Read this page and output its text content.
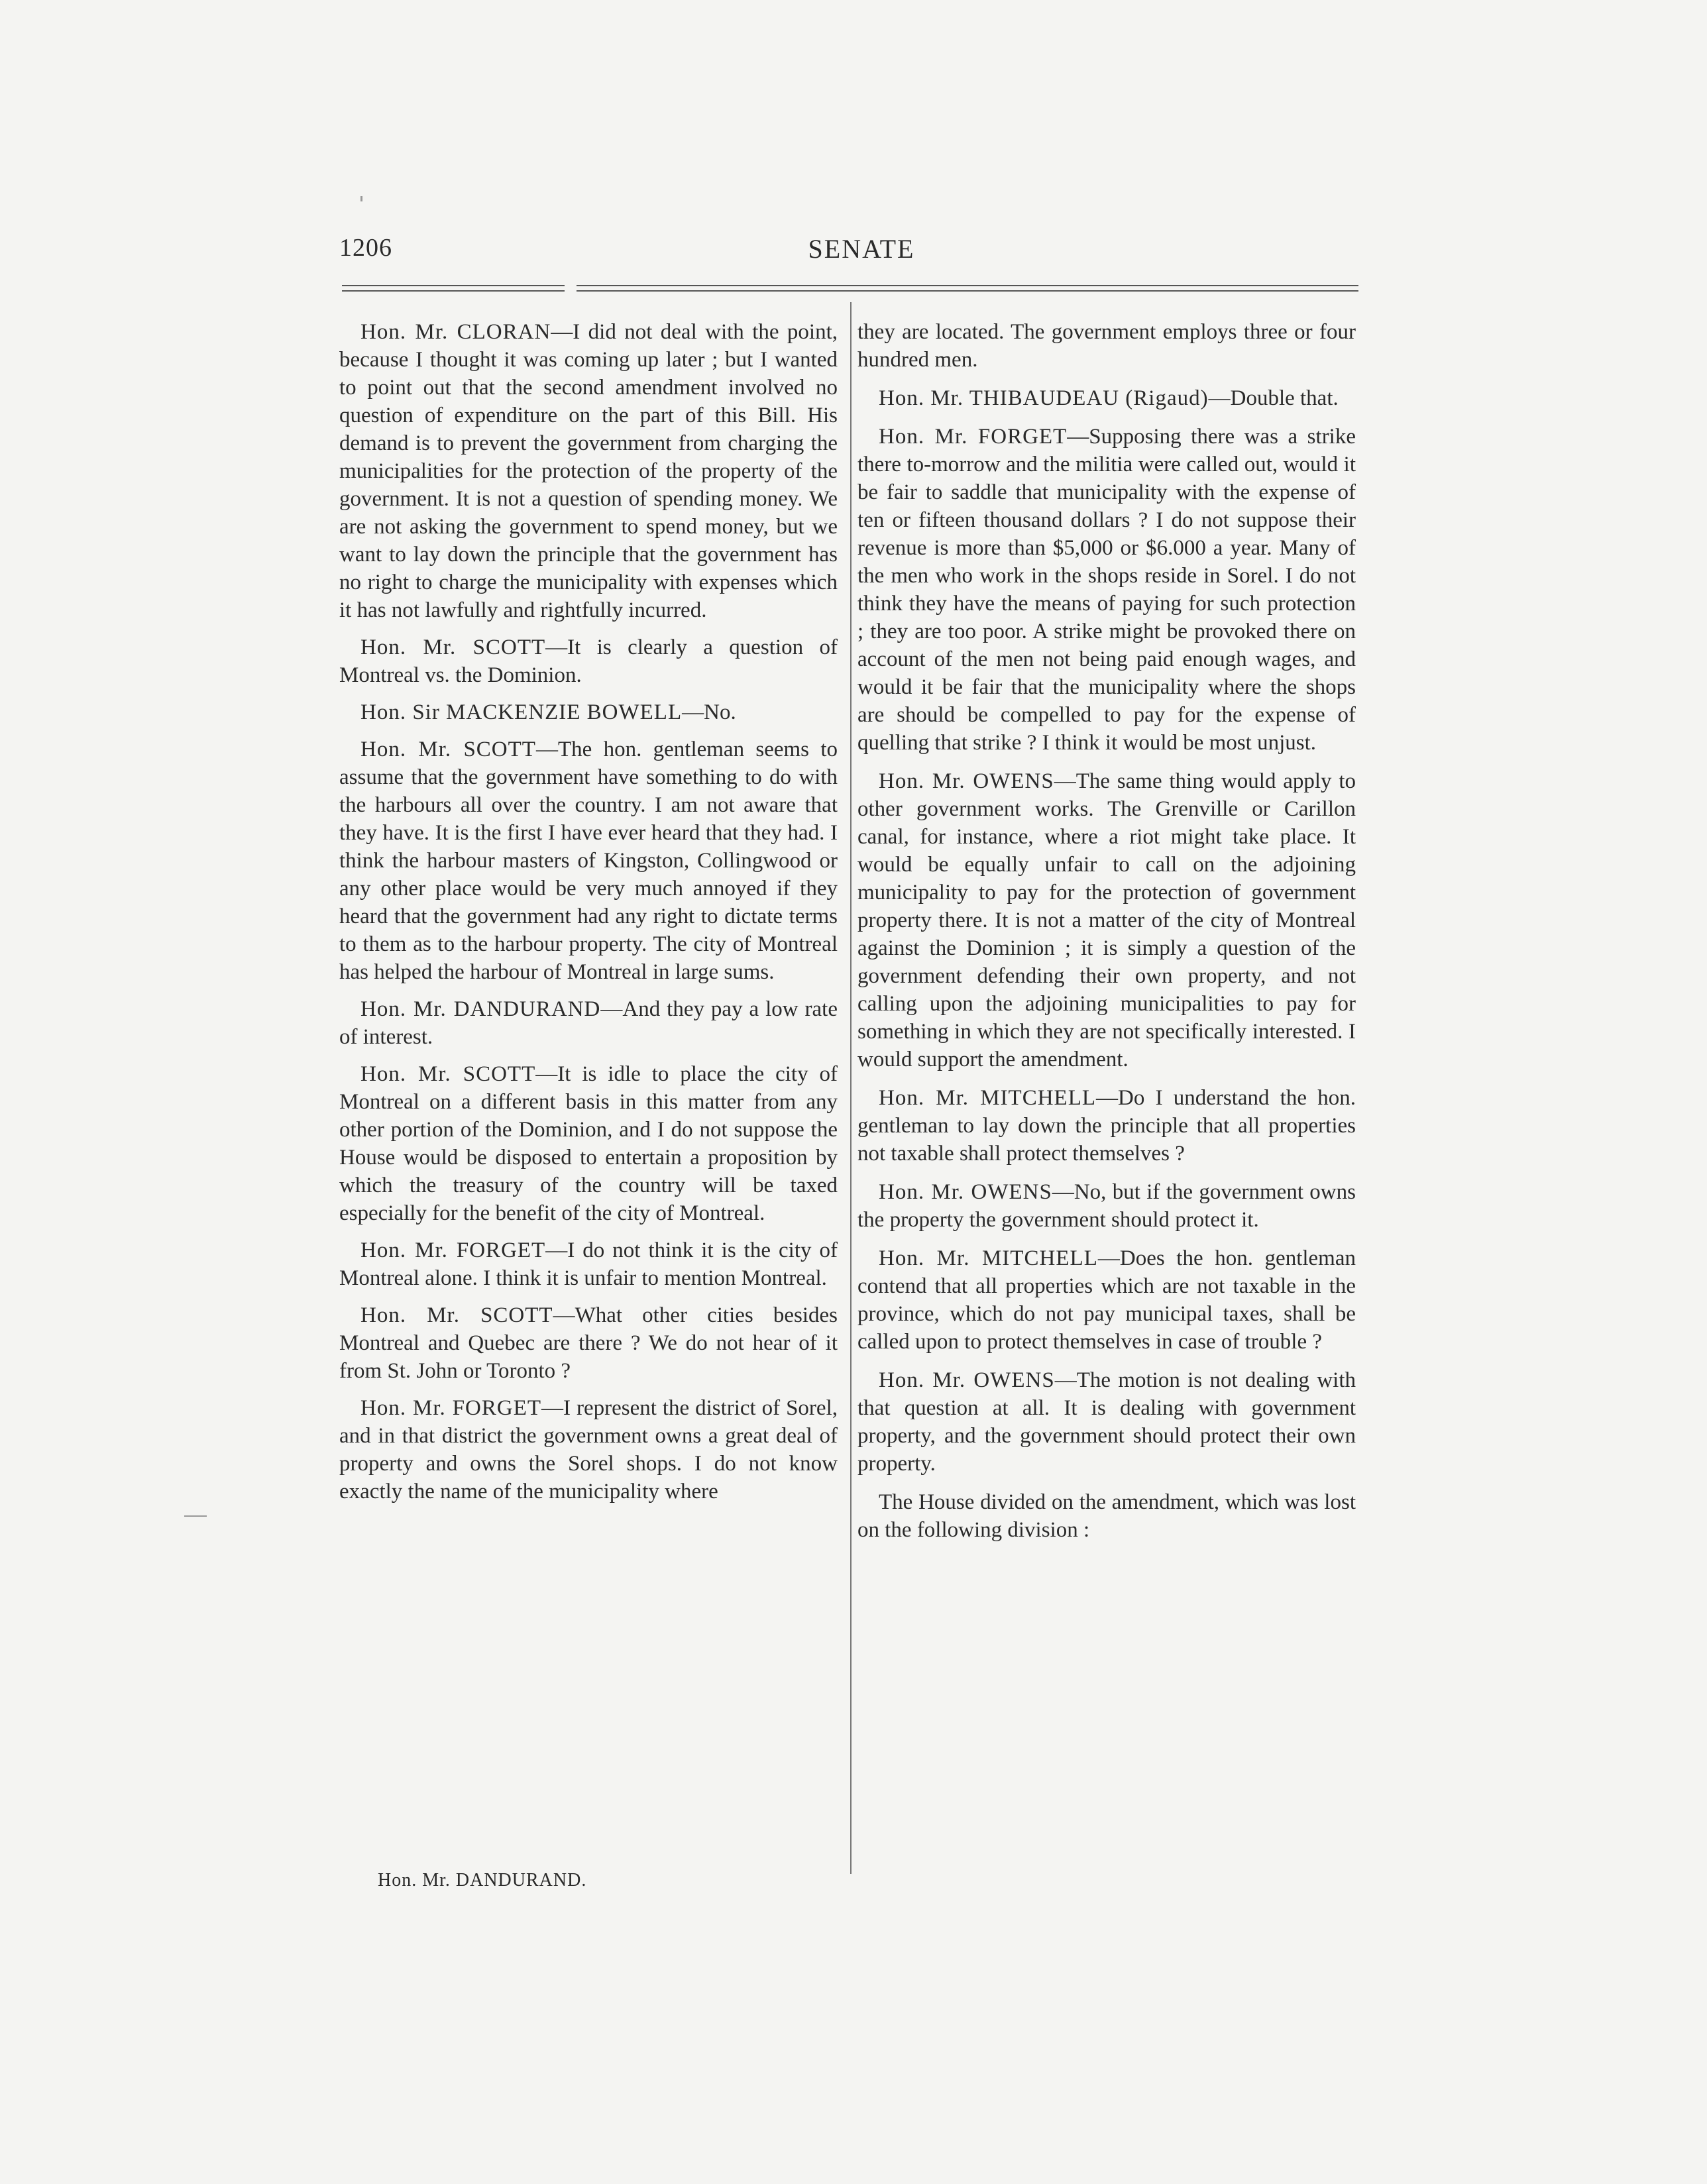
1206	SENATE

Hon. Mr. CLORAN—I did not deal with the point, because I thought it was coming up later ; but I wanted to point out that the second amendment involved no question of expenditure on the part of this Bill. His demand is to prevent the government from charging the municipalities for the protection of the property of the government. It is not a question of spending money. We are not asking the government to spend money, but we want to lay down the principle that the government has no right to charge the municipality with expenses which it has not lawfully and rightfully incurred.

Hon. Mr. SCOTT—It is clearly a question of Montreal vs. the Dominion.

Hon. Sir MACKENZIE BOWELL—No.

Hon. Mr. SCOTT—The hon. gentleman seems to assume that the government have something to do with the harbours all over the country. I am not aware that they have. It is the first I have ever heard that they had. I think the harbour masters of Kingston, Collingwood or any other place would be very much annoyed if they heard that the government had any right to dictate terms to them as to the harbour property. The city of Montreal has helped the harbour of Montreal in large sums.

Hon. Mr. DANDURAND—And they pay a low rate of interest.

Hon. Mr. SCOTT—It is idle to place the city of Montreal on a different basis in this matter from any other portion of the Dominion, and I do not suppose the House would be disposed to entertain a proposition by which the treasury of the country will be taxed especially for the benefit of the city of Montreal.

Hon. Mr. FORGET—I do not think it is the city of Montreal alone. I think it is unfair to mention Montreal.

Hon. Mr. SCOTT—What other cities besides Montreal and Quebec are there ? We do not hear of it from St. John or Toronto ?

Hon. Mr. FORGET—I represent the district of Sorel, and in that district the government owns a great deal of property and owns the Sorel shops. I do not know exactly the name of the municipality where

they are located. The government employs three or four hundred men.

Hon. Mr. THIBAUDEAU (Rigaud)—Double that.

Hon. Mr. FORGET—Supposing there was a strike there to-morrow and the militia were called out, would it be fair to saddle that municipality with the expense of ten or fifteen thousand dollars ? I do not suppose their revenue is more than $5,000 or $6.000 a year. Many of the men who work in the shops reside in Sorel. I do not think they have the means of paying for such protection ; they are too poor. A strike might be provoked there on account of the men not being paid enough wages, and would it be fair that the municipality where the shops are should be compelled to pay for the expense of quelling that strike ? I think it would be most unjust.

Hon. Mr. OWENS—The same thing would apply to other government works. The Grenville or Carillon canal, for instance, where a riot might take place. It would be equally unfair to call on the adjoining municipality to pay for the protection of government property there. It is not a matter of the city of Montreal against the Dominion ; it is simply a question of the government defending their own property, and not calling upon the adjoining municipalities to pay for something in which they are not specifically interested. I would support the amendment.

Hon. Mr. MITCHELL—Do I understand the hon. gentleman to lay down the principle that all properties not taxable shall protect themselves ?

Hon. Mr. OWENS—No, but if the government owns the property the government should protect it.

Hon. Mr. MITCHELL—Does the hon. gentleman contend that all properties which are not taxable in the province, which do not pay municipal taxes, shall be called upon to protect themselves in case of trouble ?

Hon. Mr. OWENS—The motion is not dealing with that question at all. It is dealing with government property, and the government should protect their own property.

The House divided on the amendment, which was lost on the following division :

Hon. Mr. DANDURAND.
